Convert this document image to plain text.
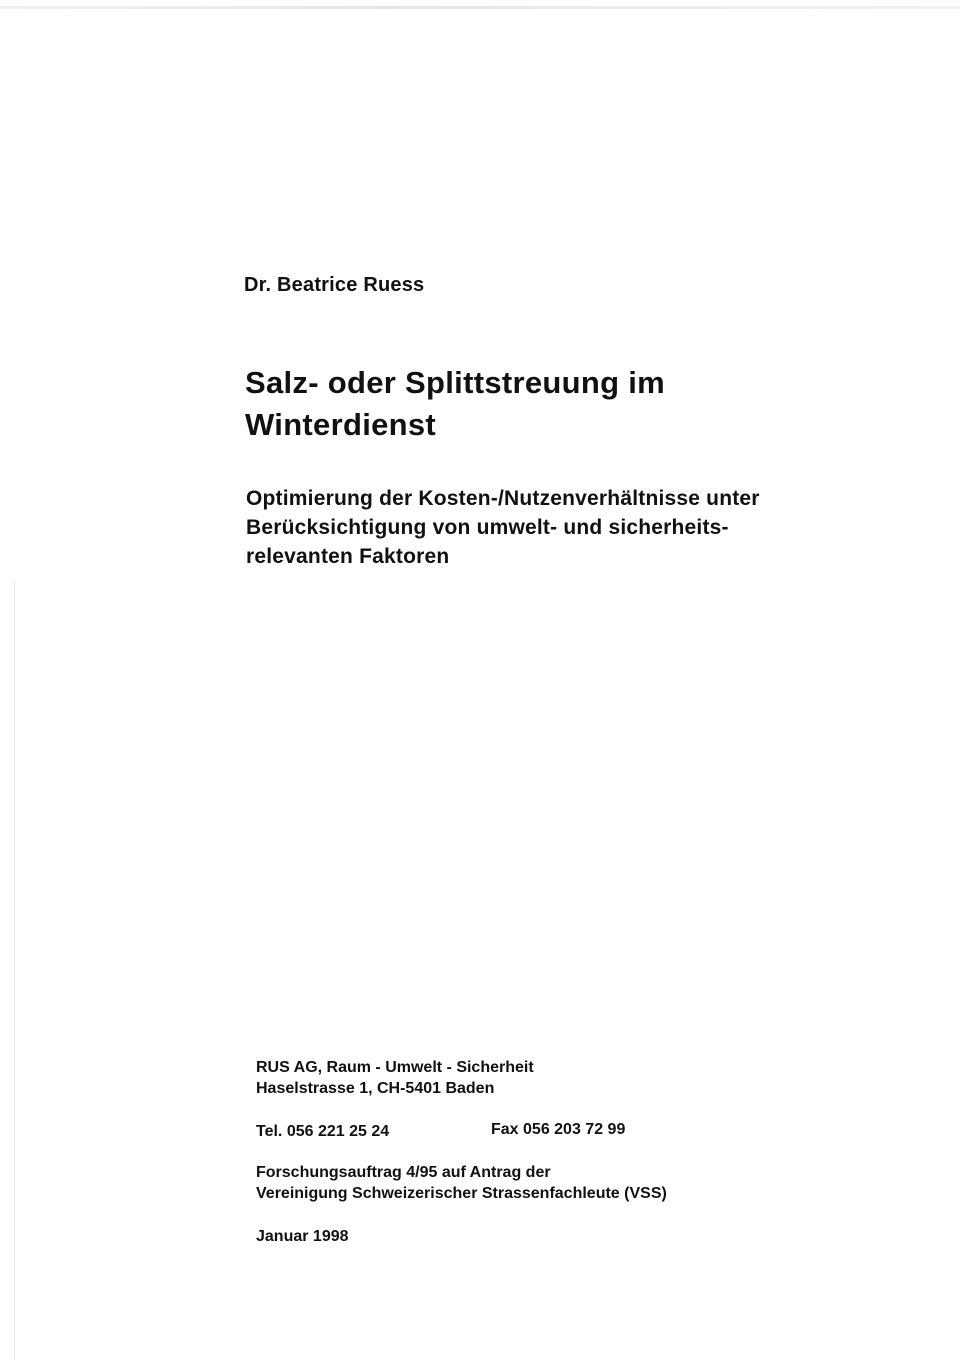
Dr. Beatrice Ruess
Salz- oder Splittstreuung im
Winterdienst
Optimierung der Kosten-/Nutzenverhältnisse unter
Berücksichtigung von umwelt- und sicherheits-
relevanten Faktoren
RUS AG, Raum - Umwelt - Sicherheit
Haselstrasse 1, CH-5401 Baden
Tel. 056 221 25 24	Fax 056 203 72 99
Forschungsauftrag 4/95 auf Antrag der
Vereinigung Schweizerischer Strassenfachleute (VSS)
Januar 1998
